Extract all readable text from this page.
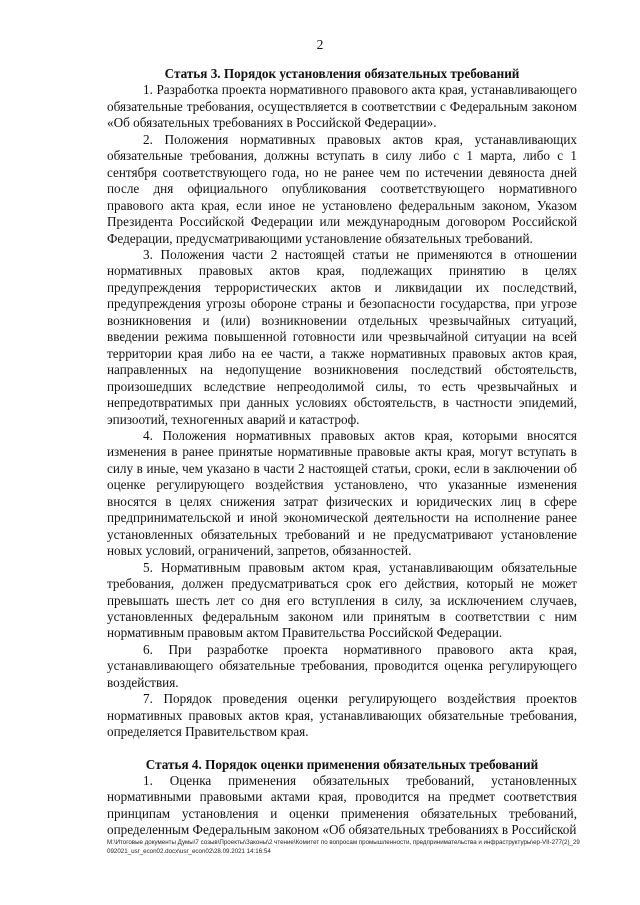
2

Статья 3. Порядок установления обязательных требований

1. Разработка проекта нормативного правового акта края, устанавливающего обязательные требования, осуществляется в соответствии с Федеральным законом «Об обязательных требованиях в Российской Федерации».

2. Положения нормативных правовых актов края, устанавливающих обязательные требования, должны вступать в силу либо с 1 марта, либо с 1 сентября соответствующего года, но не ранее чем по истечении девяноста дней после дня официального опубликования соответствующего нормативного правового акта края, если иное не установлено федеральным законом, Указом Президента Российской Федерации или международным договором Российской Федерации, предусматривающими установление обязательных требований.

3. Положения части 2 настоящей статьи не применяются в отношении нормативных правовых актов края, подлежащих принятию в целях предупреждения террористических актов и ликвидации их последствий, предупреждения угрозы обороне страны и безопасности государства, при угрозе возникновения и (или) возникновении отдельных чрезвычайных ситуаций, введении режима повышенной готовности или чрезвычайной ситуации на всей территории края либо на ее части, а также нормативных правовых актов края, направленных на недопущение возникновения последствий обстоятельств, произошедших вследствие непреодолимой силы, то есть чрезвычайных и непредотвратимых при данных условиях обстоятельств, в частности эпидемий, эпизоотий, техногенных аварий и катастроф.

4. Положения нормативных правовых актов края, которыми вносятся изменения в ранее принятые нормативные правовые акты края, могут вступать в силу в иные, чем указано в части 2 настоящей статьи, сроки, если в заключении об оценке регулирующего воздействия установлено, что указанные изменения вносятся в целях снижения затрат физических и юридических лиц в сфере предпринимательской и иной экономической деятельности на исполнение ранее установленных обязательных требований и не предусматривают установление новых условий, ограничений, запретов, обязанностей.

5. Нормативным правовым актом края, устанавливающим обязательные требования, должен предусматриваться срок его действия, который не может превышать шесть лет со дня его вступления в силу, за исключением случаев, установленных федеральным законом или принятым в соответствии с ним нормативным правовым актом Правительства Российской Федерации.

6. При разработке проекта нормативного правового акта края, устанавливающего обязательные требования, проводится оценка регулирующего воздействия.

7. Порядок проведения оценки регулирующего воздействия проектов нормативных правовых актов края, устанавливающих обязательные требования, определяется Правительством края.

Статья 4. Порядок оценки применения обязательных требований

1. Оценка применения обязательных требований, установленных нормативными правовыми актами края, проводится на предмет соответствия принципам установления и оценки применения обязательных требований, определенным Федеральным законом «Об обязательных требованиях в Российской

М:\Итоговые документы Думы\7 созыв\Проекты\Законы\2 чтение\Комитет по вопросам промышленности, предпринимательства и инфраструктуры\ер-VII-277(2)_29092021_usr_econ02.docx\usr_econ02\28.09.2021 14:16:54
